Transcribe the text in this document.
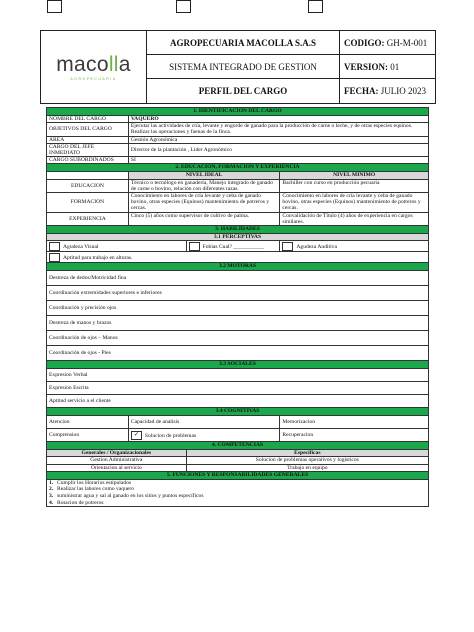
macolla
AGROPECUARIA	AGROPECUARIA MACOLLA S.A.S	CODIGO: GH-M-001
	SISTEMA INTEGRADO DE GESTION	VERSION: 01
	PERFIL DEL CARGO	FECHA: JULIO 2023
1. IDENTIFICACION DEL CARGO			
NOMBRE DEL CARGO	VAQUERO		
OBJETIVOS DEL CARGO	Ejecutar las actividades de cría, levante y engorde de ganado para la producción de carne o leche, y de otras especies equinos. Realizar las operaciones y faenas de la finca.		
AREA	Gestión Agronómica		
CARGO DEL JEFE INMEDIATO	Director de la plantación , Lider Agronómico		
CARGO SUBORDINADOS	SI		
2. EDUCACION, FORMACION Y EXPERIENCIA			
	NIVEL IDEAL		NIVEL MINIMO
EDUCACION	Técnico o tecnólogo en ganadería, Manejo integrado de ganado de carne o bovino, relación con diferentes razas.		Bachiller con curso en producción pecuaria
FORMACION	Conocimiento en labores de cría levante y ceba de ganado bovino, otras especies (Equinos) mantenimiento de potreros y cercas.		Conocimiento en labores de cría levante y ceba de ganado bovino, otras especies (Equinos) mantenimiento de potreros y cercas.
EXPERIENCIA	Cinco (5) años como supervisor de cultivo de palma.		Convalidación de Título (4) años de experiencia en cargos similares.
3. HABILIDADES			
3.1 PERCEPTIVAS			
Agudeza Visual		Fobias Cual? ___________	Agudeza Auditiva
Aptitud para trabajo en alturas.			
3.2 MOTORAS			
Destreza de dedos/Motricidad fina			
Coordinación extremidades superiores e inferiores			
Coordinación y precisión ojos			
Destreza de manos y brazos			
Coordinación de ojos – Manos			
Coordinación de ojos - Pies			
3.3 SOCIALES			
Expresion Verbal			
Expresion Escrita			
Aptitud servicio a el cliente			
3.4 COGNITIVAS			
Atencion	Capacidad de analisis		Memorizacion
Comprension	✓ Solucion de problemas		Recuperacion
4. COMPETENCIAS			
Generales / Organizacionales		Especificas	
Gestion Administrativa		Solucion de problemas operativos y logisticos	
Orientacion al servicio		Trabajo en equipo	
5. FUNCIONES Y RESPONSABILIDADES GENERALES			

1. Cumplir los Horarios estipulados
2. Realizar las labores como vaquero
3. suministrar agua y sal al ganado en los sitios y puntos específicos
4. Rotacion de potreros			
